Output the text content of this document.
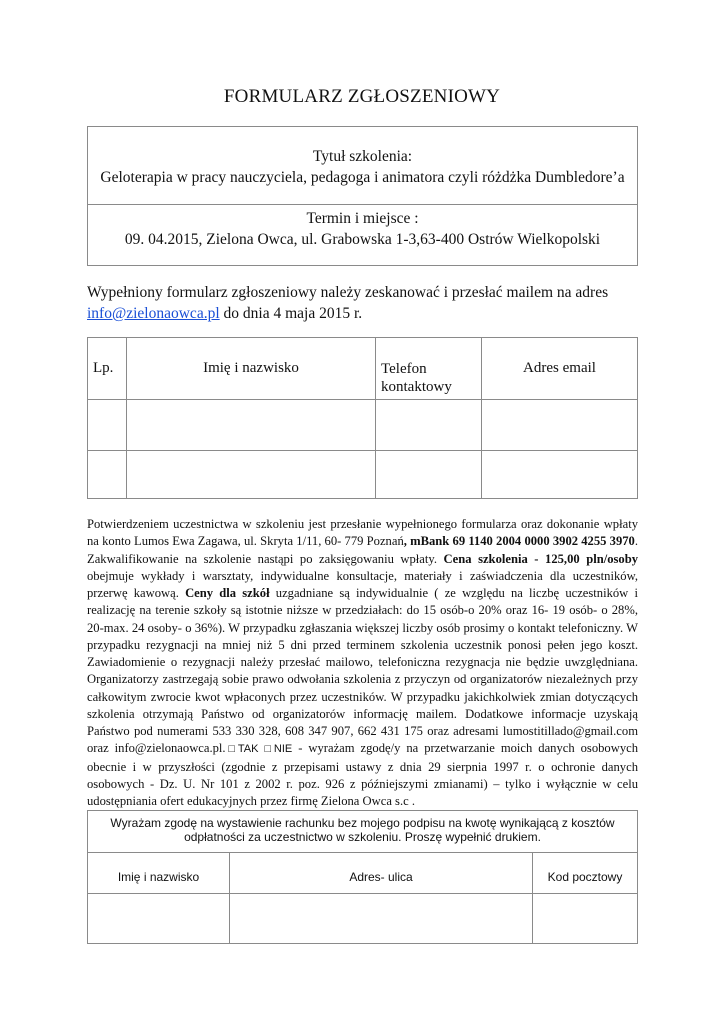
FORMULARZ ZGŁOSZENIOWY
Tytuł szkolenia:
Geloterapia w pracy nauczyciela, pedagoga i animatora czyli różdżka Dumbledore’a
Termin i miejsce :
09. 04.2015, Zielona Owca, ul. Grabowska 1-3,63-400 Ostrów Wielkopolski
Wypełniony formularz zgłoszeniowy należy zeskanować i przesłać mailem na adres info@zielonaowca.pl do dnia 4 maja 2015 r.
Lp.	Imię i nazwisko	Telefon kontaktowy	Adres email

Potwierdzeniem uczestnictwa w szkoleniu jest przesłanie wypełnionego formularza oraz dokonanie wpłaty na konto Lumos Ewa Zagawa, ul. Skryta 1/11, 60- 779 Poznań, mBank 69 1140 2004 0000 3902 4255 3970. Zakwalifikowanie na szkolenie nastąpi po zaksięgowaniu wpłaty. Cena szkolenia - 125,00 pln/osoby obejmuje wykłady i warsztaty, indywidualne konsultacje, materiały i zaświadczenia dla uczestników, przerwę kawową. Ceny dla szkół uzgadniane są indywidualnie ( ze względu na liczbę uczestników i realizację na terenie szkoły są istotnie niższe w przedziałach: do 15 osób-o 20% oraz 16- 19 osób- o 28%, 20-max. 24 osoby- o 36%). W przypadku zgłaszania większej liczby osób prosimy o kontakt telefoniczny. W przypadku rezygnacji na mniej niż 5 dni przed terminem szkolenia uczestnik ponosi pełen jego koszt. Zawiadomienie o rezygnacji należy przesłać mailowo, telefoniczna rezygnacja nie będzie uwzględniana. Organizatorzy zastrzegają sobie prawo odwołania szkolenia z przyczyn od organizatorów niezależnych przy całkowitym zwrocie kwot wpłaconych przez uczestników. W przypadku jakichkolwiek zmian dotyczących szkolenia otrzymają Państwo od organizatorów informację mailem. Dodatkowe informacje uzyskają Państwo pod numerami 533 330 328, 608 347 907, 662 431 175 oraz adresami lumostitillado@gmail.com oraz info@zielonaowca.pl.□TAK □NIE - wyrażam zgodę/y na przetwarzanie moich danych osobowych obecnie i w przyszłości (zgodnie z przepisami ustawy z dnia 29 sierpnia 1997 r. o ochronie danych osobowych - Dz. U. Nr 101 z 2002 r. poz. 926 z późniejszymi zmianami) – tylko i wyłącznie w celu udostępniania ofert edukacyjnych przez firmę Zielona Owca s.c .
Wyrażam zgodę na wystawienie rachunku bez mojego podpisu na kwotę wynikającą z kosztów odpłatności za uczestnictwo w szkoleniu. Proszę wypełnić drukiem.		
Imię i nazwisko	Adres- ulica	Kod pocztowy
